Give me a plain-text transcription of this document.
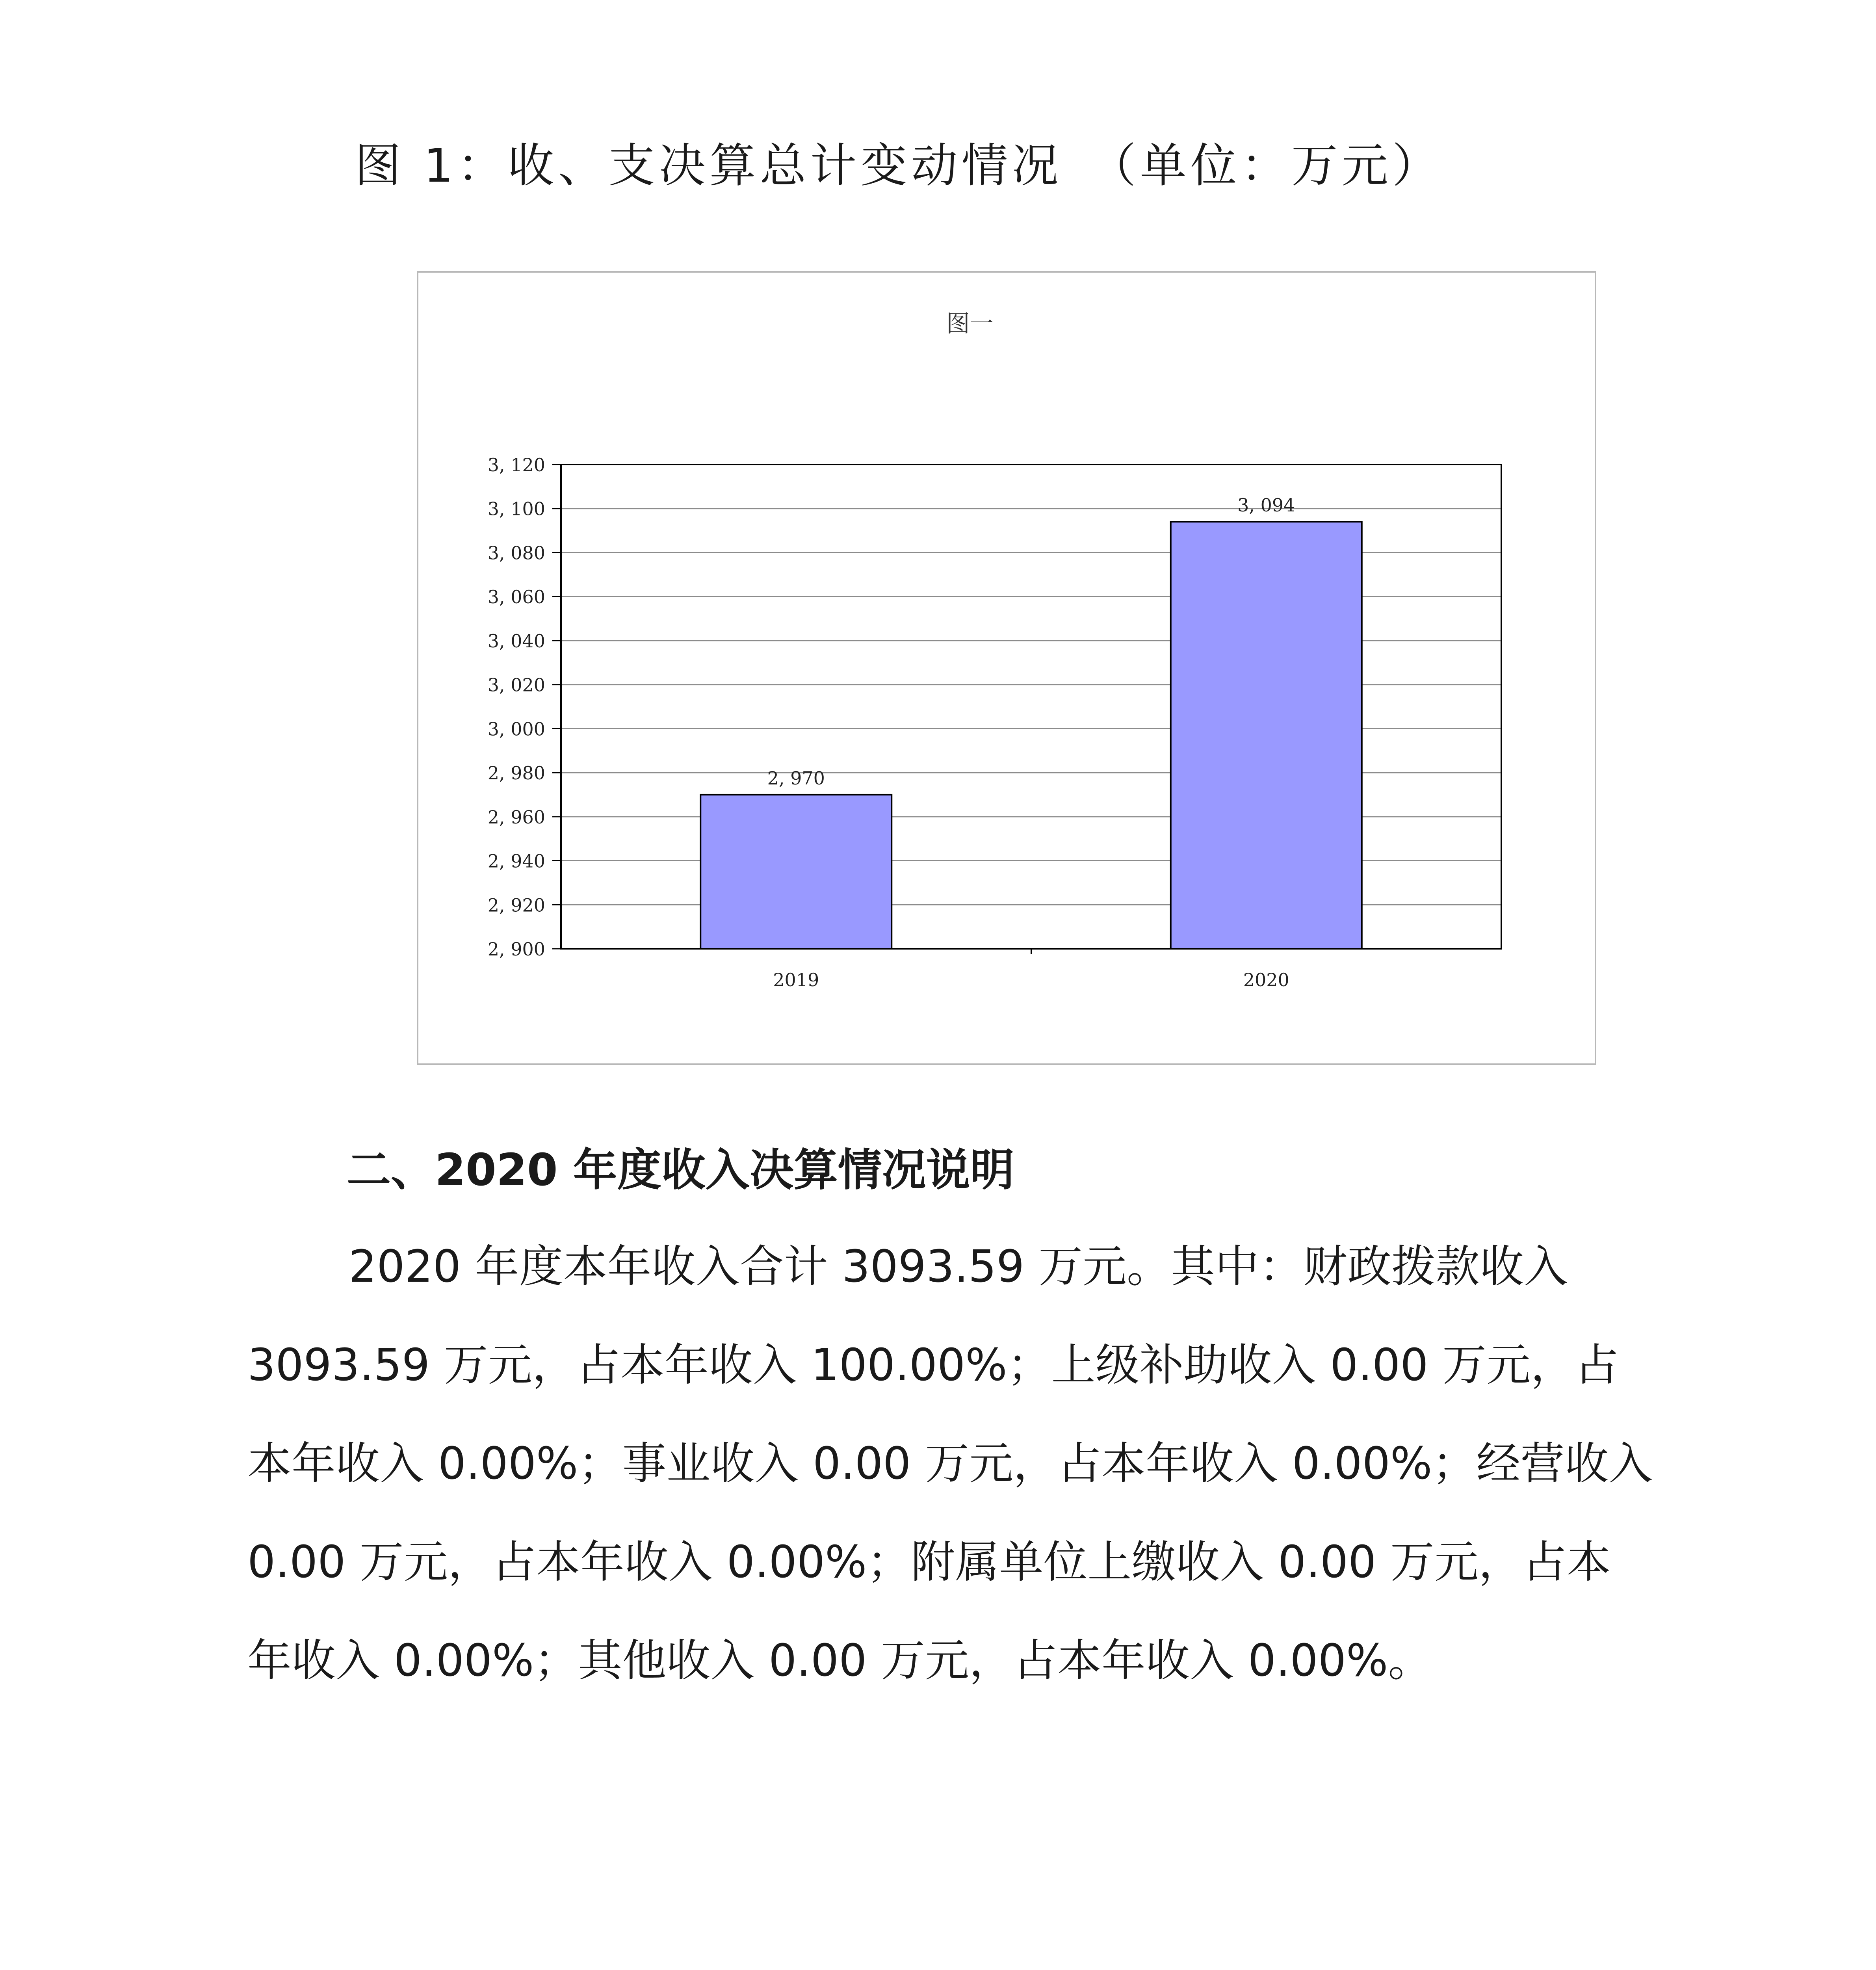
图 1：收、支决算总计变动情况　（单位：万元）
图一
2, 900
2, 920
2, 940
2, 960
2, 980
3, 000
3, 020
3, 040
3, 060
3, 080
3, 100
3, 120
2, 970
2019
3, 094
2020
二、2020 年度收入决算情况说明
2020 年度本年收入合计 3093.59 万元。其中：财政拨款收入
3093.59 万元，占本年收入 100.00%；上级补助收入 0.00 万元，占
本年收入 0.00%；事业收入 0.00 万元，占本年收入 0.00%；经营收入
0.00 万元，占本年收入 0.00%；附属单位上缴收入 0.00 万元，占本
年收入 0.00%；其他收入 0.00 万元，占本年收入 0.00%。
